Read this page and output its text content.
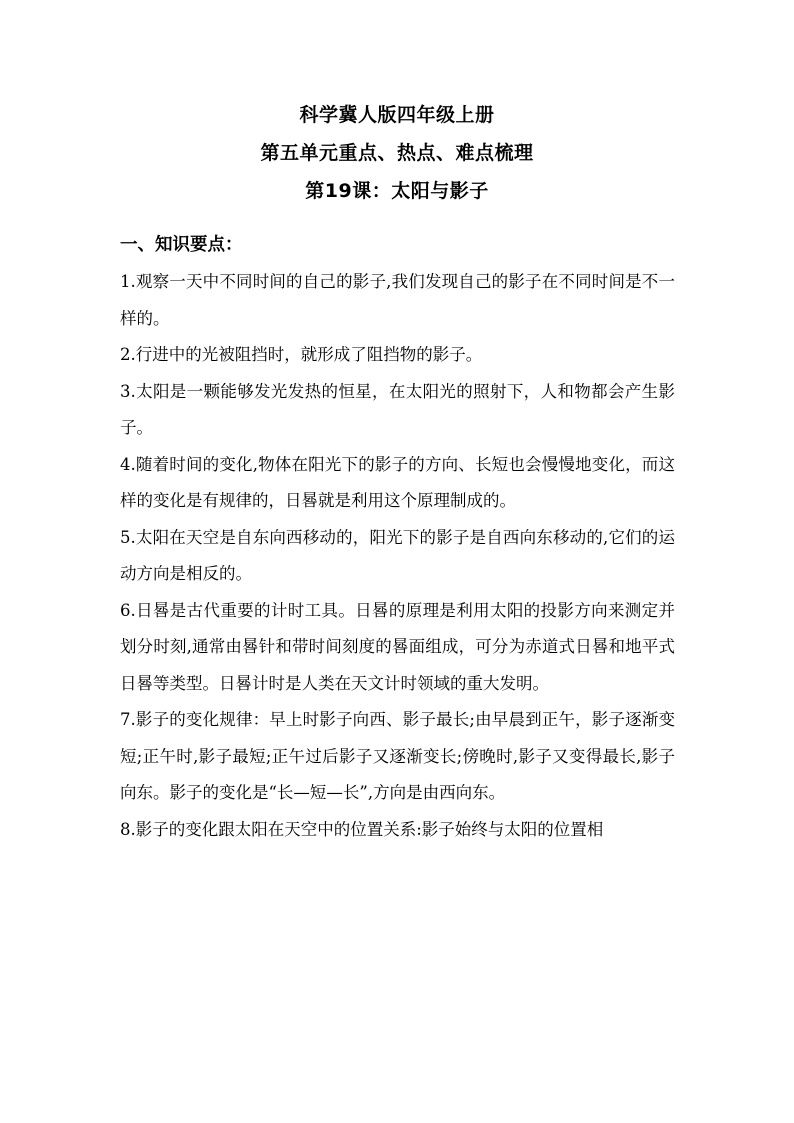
科学冀人版四年级上册
第五单元重点、热点、难点梳理
第19课：太阳与影子
一、知识要点：
1.观察一天中不同时间的自己的影子,我们发现自己的影子在不同时间是不一样的。
2.行进中的光被阻挡时，就形成了阻挡物的影子。
3.太阳是一颗能够发光发热的恒星，在太阳光的照射下，人和物都会产生影子。
4.随着时间的变化,物体在阳光下的影子的方向、长短也会慢慢地变化，而这样的变化是有规律的，日晷就是利用这个原理制成的。
5.太阳在天空是自东向西移动的，阳光下的影子是自西向东移动的,它们的运动方向是相反的。
6.日晷是古代重要的计时工具。日晷的原理是利用太阳的投影方向来测定并划分时刻,通常由晷针和带时间刻度的晷面组成，可分为赤道式日晷和地平式日晷等类型。日晷计时是人类在天文计时领域的重大发明。
7.影子的变化规律：早上时影子向西、影子最长;由早晨到正午，影子逐渐变短;正午时,影子最短;正午过后影子又逐渐变长;傍晚时,影子又变得最长,影子向东。影子的变化是“长—短—长”,方向是由西向东。
8.影子的变化跟太阳在天空中的位置关系:影子始终与太阳的位置相
